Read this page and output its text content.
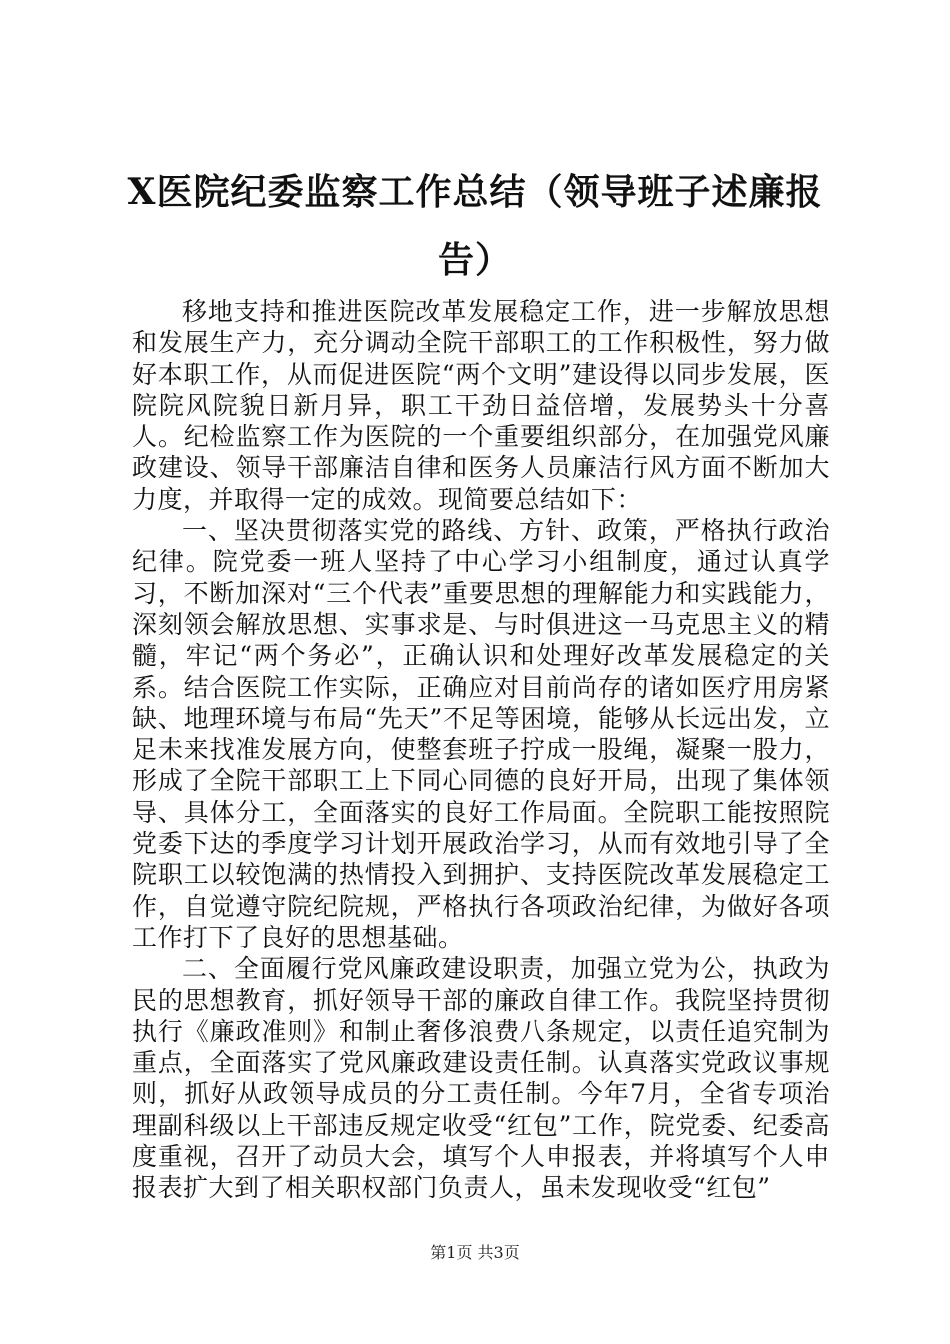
X医院纪委监察工作总结（领导班子述廉报告）

移地支持和推进医院改革发展稳定工作，进一步解放思想和发展生产力，充分调动全院干部职工的工作积极性，努力做好本职工作，从而促进医院“两个文明”建设得以同步发展，医院院风院貌日新月异，职工干劲日益倍增，发展势头十分喜人。纪检监察工作为医院的一个重要组织部分，在加强党风廉政建设、领导干部廉洁自律和医务人员廉洁行风方面不断加大力度，并取得一定的成效。现简要总结如下：

一、坚决贯彻落实党的路线、方针、政策，严格执行政治纪律。院党委一班人坚持了中心学习小组制度，通过认真学习，不断加深对“三个代表”重要思想的理解能力和实践能力，深刻领会解放思想、实事求是、与时俱进这一马克思主义的精髓，牢记“两个务必”，正确认识和处理好改革发展稳定的关系。结合医院工作实际，正确应对目前尚存的诸如医疗用房紧缺、地理环境与布局“先天”不足等困境，能够从长远出发，立足未来找准发展方向，使整套班子拧成一股绳，凝聚一股力，形成了全院干部职工上下同心同德的良好开局，出现了集体领导、具体分工，全面落实的良好工作局面。全院职工能按照院党委下达的季度学习计划开展政治学习，从而有效地引导了全院职工以较饱满的热情投入到拥护、支持医院改革发展稳定工作，自觉遵守院纪院规，严格执行各项政治纪律，为做好各项工作打下了良好的思想基础。

二、全面履行党风廉政建设职责，加强立党为公，执政为民的思想教育，抓好领导干部的廉政自律工作。我院坚持贯彻执行《廉政准则》和制止奢侈浪费八条规定，以责任追究制为重点，全面落实了党风廉政建设责任制。认真落实党政议事规则，抓好从政领导成员的分工责任制。今年7月，全省专项治理副科级以上干部违反规定收受“红包”工作，院党委、纪委高度重视，召开了动员大会，填写个人申报表，并将填写个人申报表扩大到了相关职权部门负责人，虽未发现收受“红包”

第1页 共3页
